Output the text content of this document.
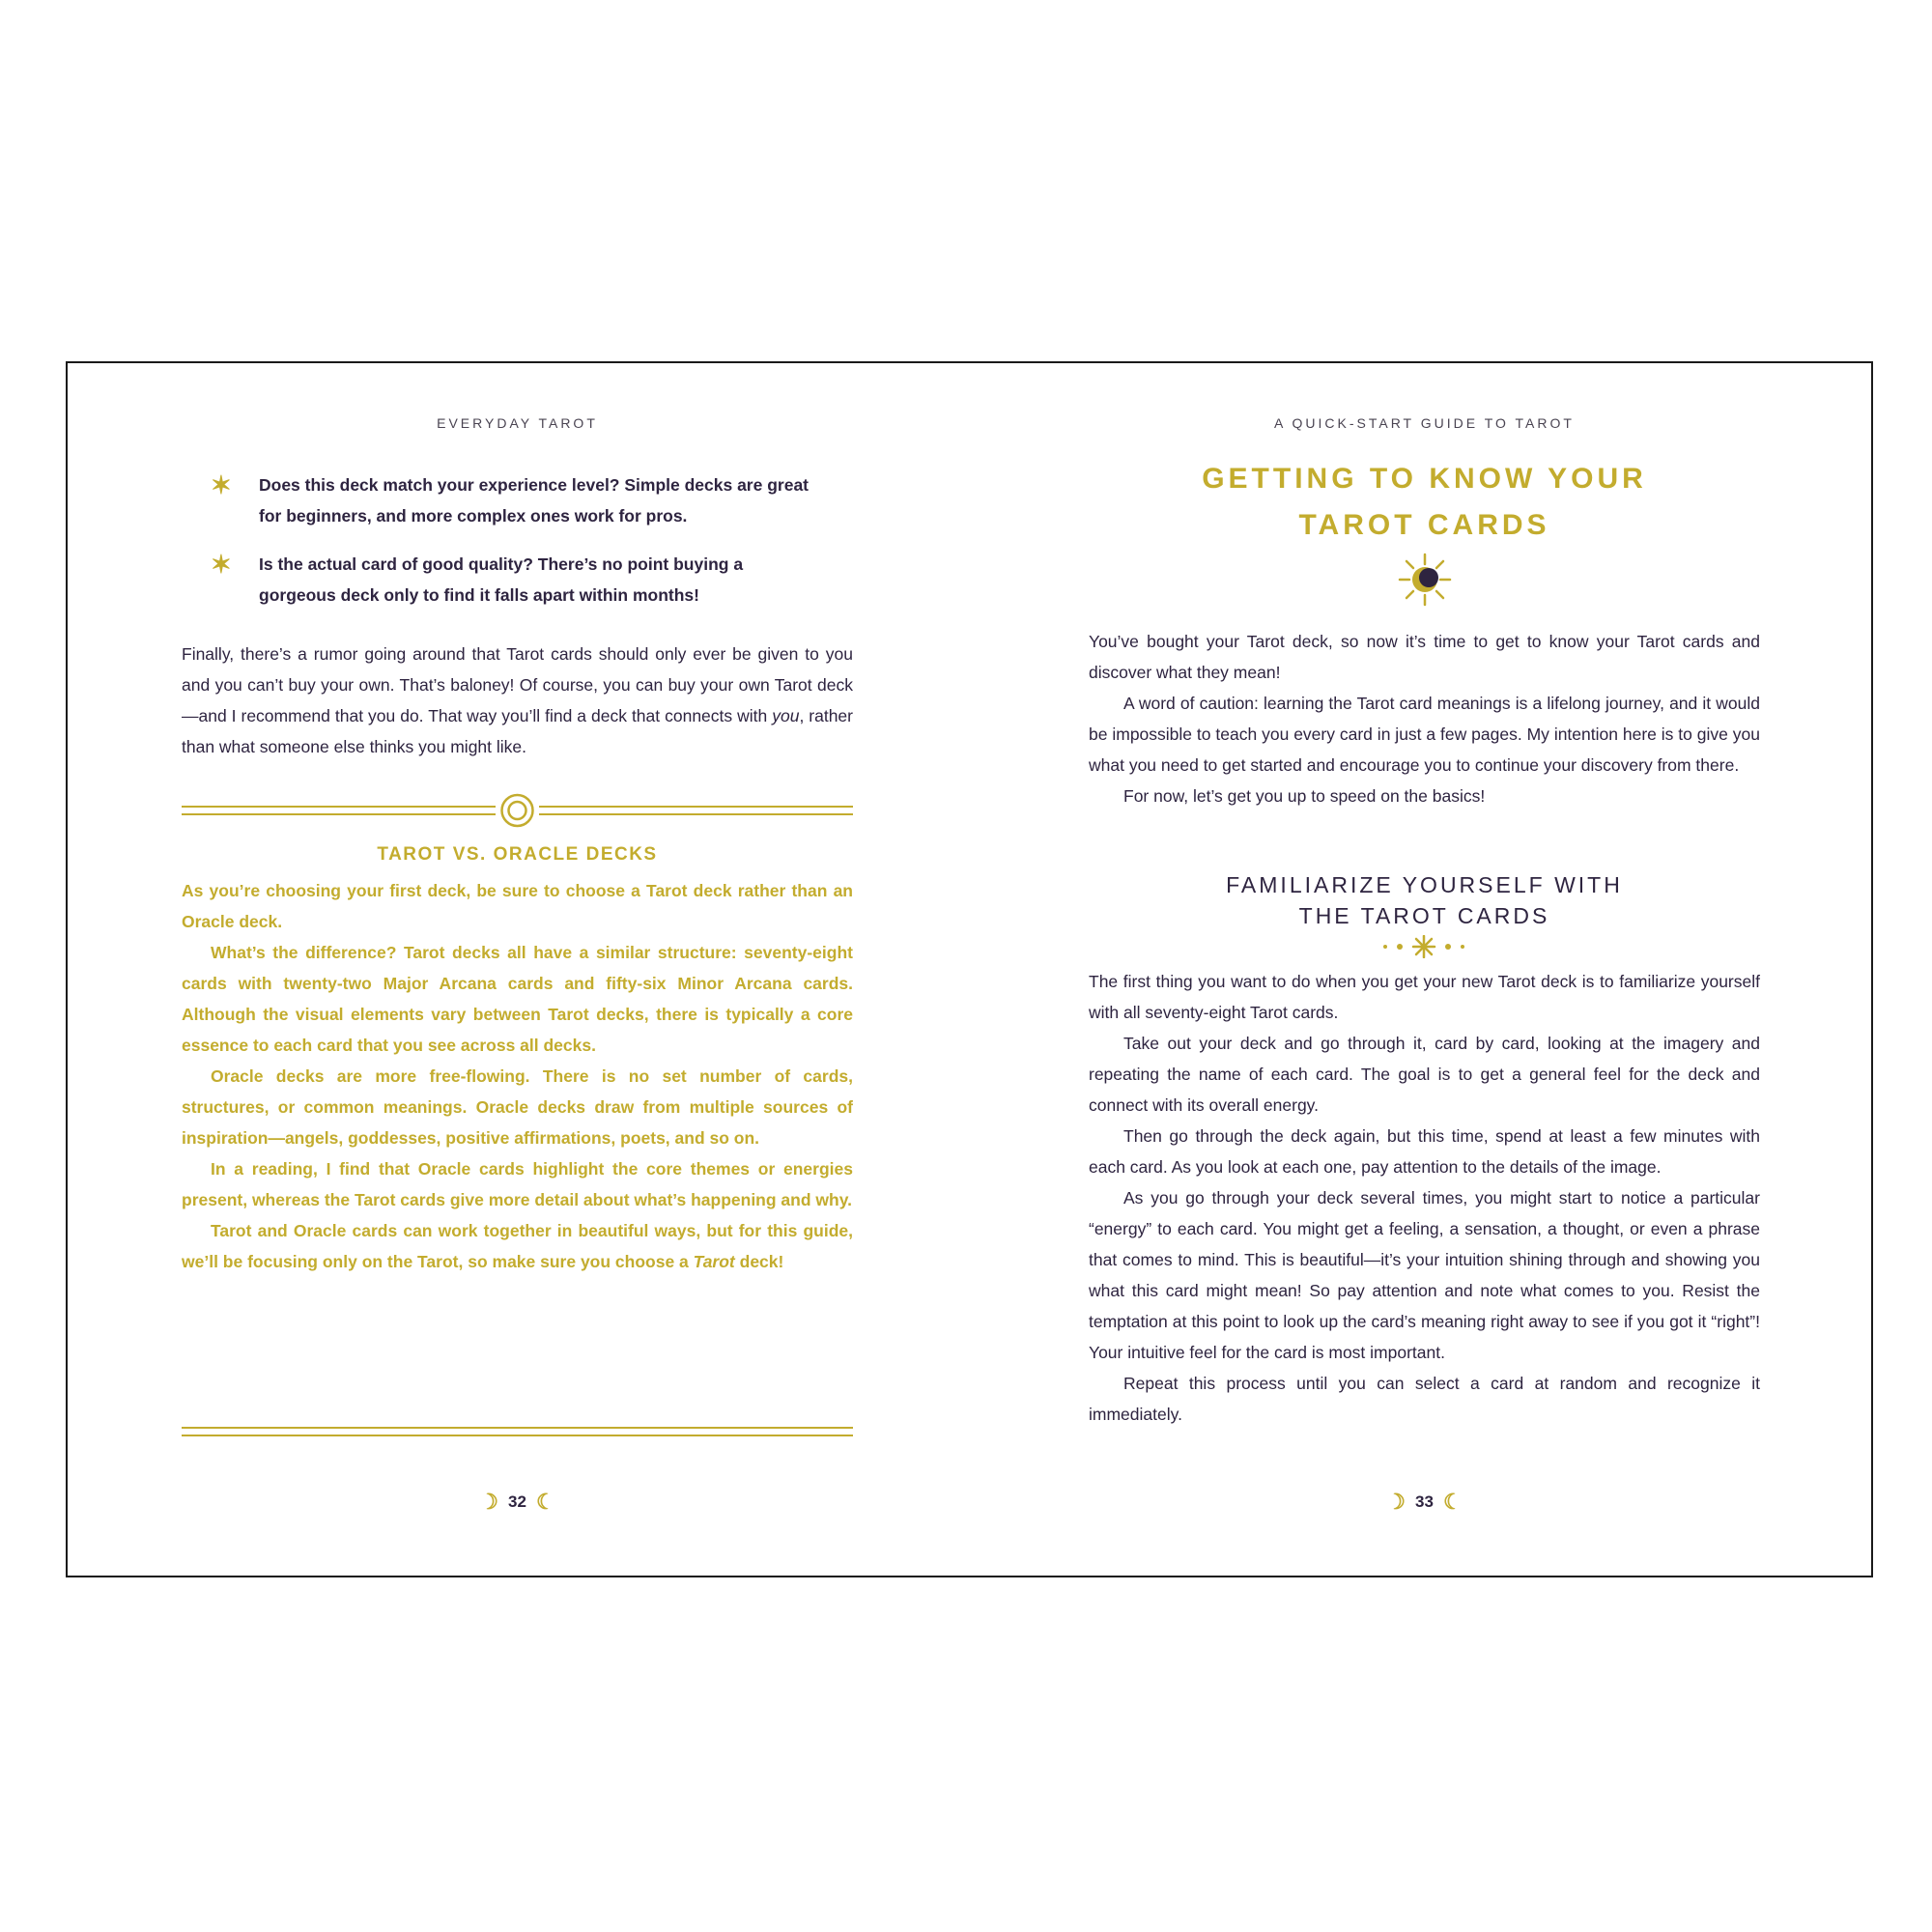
EVERYDAY TAROT
✶ Does this deck match your experience level? Simple decks are great for beginners, and more complex ones work for pros.
✶ Is the actual card of good quality? There’s no point buying a gorgeous deck only to find it falls apart within months!

Finally, there’s a rumor going around that Tarot cards should only ever be given to you and you can’t buy your own. That’s baloney! Of course, you can buy your own Tarot deck—and I recommend that you do. That way you’ll find a deck that connects with you, rather than what someone else thinks you might like.

TAROT VS. ORACLE DECKS

As you’re choosing your first deck, be sure to choose a Tarot deck rather than an Oracle deck.

What’s the difference? Tarot decks all have a similar structure: seventy-eight cards with twenty-two Major Arcana cards and fifty-six Minor Arcana cards. Although the visual elements vary between Tarot decks, there is typically a core essence to each card that you see across all decks.

Oracle decks are more free-flowing. There is no set number of cards, structures, or common meanings. Oracle decks draw from multiple sources of inspiration—angels, goddesses, positive affirmations, poets, and so on.

In a reading, I find that Oracle cards highlight the core themes or energies present, whereas the Tarot cards give more detail about what’s happening and why.

Tarot and Oracle cards can work together in beautiful ways, but for this guide, we’ll be focusing only on the Tarot, so make sure you choose a Tarot deck!

☽ 32 ☾
A QUICK-START GUIDE TO TAROT
GETTING TO KNOW YOUR
TAROT CARDS

You’ve bought your Tarot deck, so now it’s time to get to know your Tarot cards and discover what they mean!

A word of caution: learning the Tarot card meanings is a lifelong journey, and it would be impossible to teach you every card in just a few pages. My intention here is to give you what you need to get started and encourage you to continue your discovery from there.

For now, let’s get you up to speed on the basics!

FAMILIARIZE YOURSELF WITH
THE TAROT CARDS

The first thing you want to do when you get your new Tarot deck is to familiarize yourself with all seventy-eight Tarot cards.

Take out your deck and go through it, card by card, looking at the imagery and repeating the name of each card. The goal is to get a general feel for the deck and connect with its overall energy.

Then go through the deck again, but this time, spend at least a few minutes with each card. As you look at each one, pay attention to the details of the image.

As you go through your deck several times, you might start to notice a particular “energy” to each card. You might get a feeling, a sensation, a thought, or even a phrase that comes to mind. This is beautiful—it’s your intuition shining through and showing you what this card might mean! So pay attention and note what comes to you. Resist the temptation at this point to look up the card’s meaning right away to see if you got it “right”! Your intuitive feel for the card is most important.

Repeat this process until you can select a card at random and recognize it immediately.

☽ 33 ☾
